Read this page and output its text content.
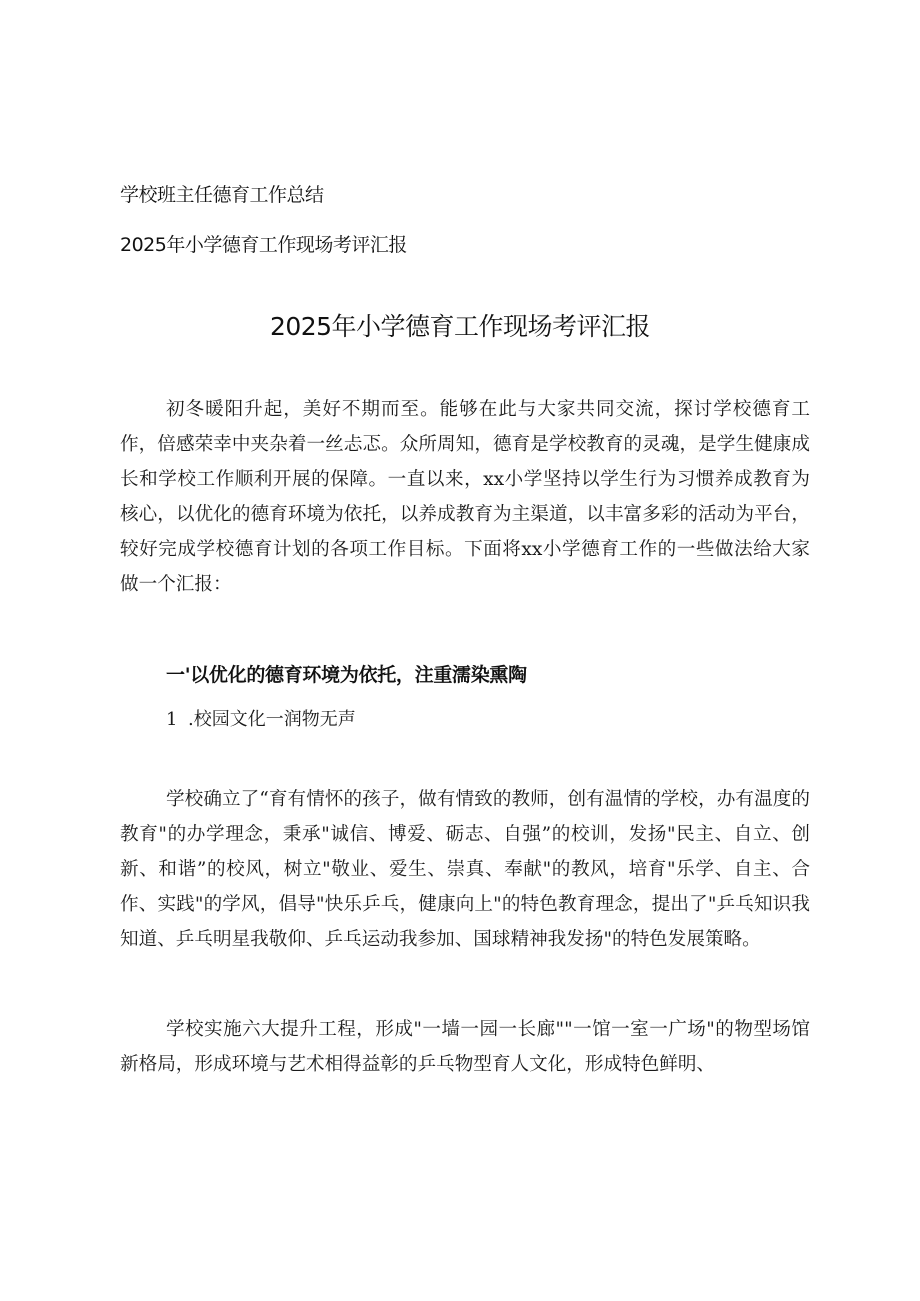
学校班主任德育工作总结
2025年小学德育工作现场考评汇报
2025年小学德育工作现场考评汇报

初冬暖阳升起，美好不期而至。能够在此与大家共同交流，探讨学校德育工作，倍感荣幸中夹杂着一丝忐忑。众所周知，德育是学校教育的灵魂，是学生健康成长和学校工作顺利开展的保障。一直以来，xx小学坚持以学生行为习惯养成教育为核心，以优化的德育环境为依托，以养成教育为主渠道，以丰富多彩的活动为平台，较好完成学校德育计划的各项工作目标。下面将xx小学德育工作的一些做法给大家做一个汇报：

一'以优化的德育环境为依托，注重濡染熏陶
1 .校园文化一润物无声

学校确立了“育有情怀的孩子，做有情致的教师，创有温情的学校，办有温度的教育"的办学理念，秉承"诚信、博爱、砺志、自强”的校训，发扬"民主、自立、创新、和谐”的校风，树立"敬业、爱生、崇真、奉献"的教风，培育"乐学、自主、合作、实践"的学风，倡导"快乐乒乓，健康向上"的特色教育理念，提出了"乒乓知识我知道、乒乓明星我敬仰、乒乓运动我参加、国球精神我发扬"的特色发展策略。

学校实施六大提升工程，形成"一墙一园一长廊""一馆一室一广场"的物型场馆新格局，形成环境与艺术相得益彰的乒乓物型育人文化，形成特色鲜明、
